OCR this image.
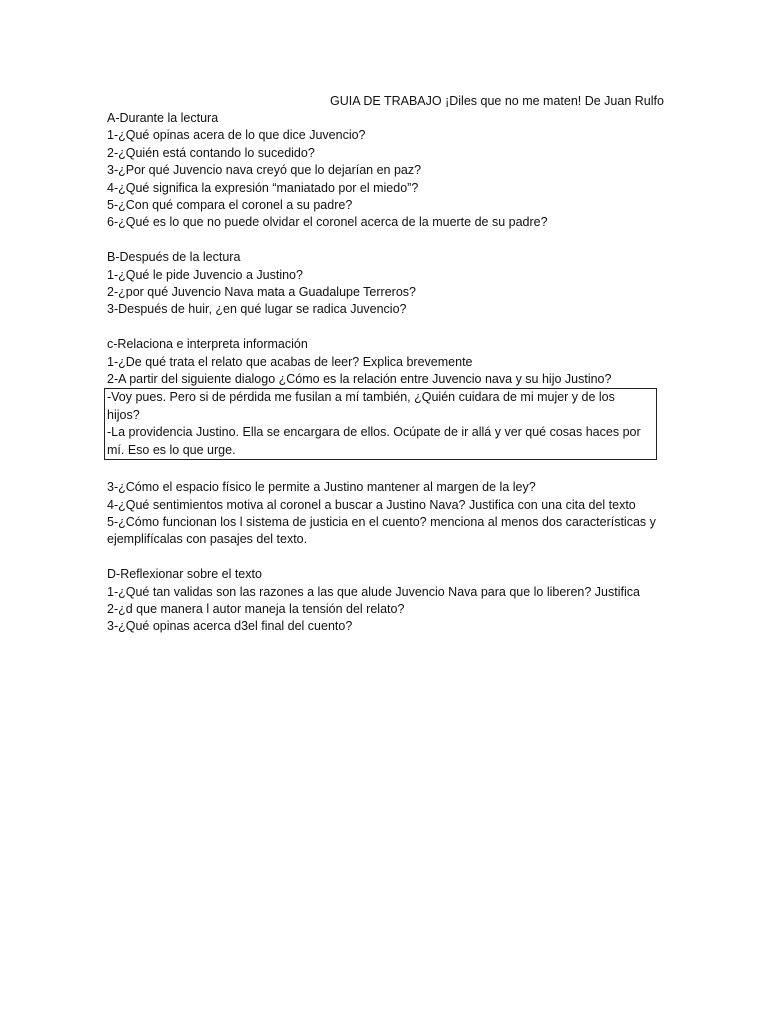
GUIA DE TRABAJO ¡Diles que no me maten! De Juan Rulfo
A-Durante la lectura
1-¿Qué opinas acera de lo que dice Juvencio?
2-¿Quién está contando lo sucedido?
3-¿Por qué Juvencio nava creyó que lo dejarían en paz?
4-¿Qué significa la expresión “maniatado por el miedo”?
5-¿Con qué compara el coronel a su padre?
6-¿Qué es lo que no puede olvidar el coronel acerca de la muerte de su padre?
B-Después de la lectura
1-¿Qué le pide Juvencio a Justino?
2-¿por qué Juvencio Nava mata a Guadalupe Terreros?
3-Después de huir, ¿en qué lugar se radica Juvencio?
c-Relaciona e interpreta información
1-¿De qué trata el relato que acabas de leer? Explica brevemente
2-A partir del siguiente dialogo ¿Cómo es la relación entre Juvencio nava y su hijo Justino?
-Voy pues. Pero si de pérdida me fusilan a mí también, ¿Quién cuidara de mi mujer y de los hijos?
-La providencia Justino. Ella se encargara de ellos. Ocúpate de ir allá y ver qué cosas haces por mí. Eso es lo que urge.
3-¿Cómo el espacio físico le permite a Justino mantener al margen de la ley?
4-¿Qué sentimientos motiva al coronel a buscar a Justino Nava? Justifica con una cita del texto
5-¿Cómo funcionan los l sistema de justicia en el cuento? menciona al menos dos características y ejemplifícalas con pasajes del texto.
D-Reflexionar sobre el texto
1-¿Qué tan validas son las razones a las que alude Juvencio Nava para que lo liberen? Justifica
2-¿d que manera l autor maneja la tensión del relato?
3-¿Qué opinas acerca d3el final del cuento?
